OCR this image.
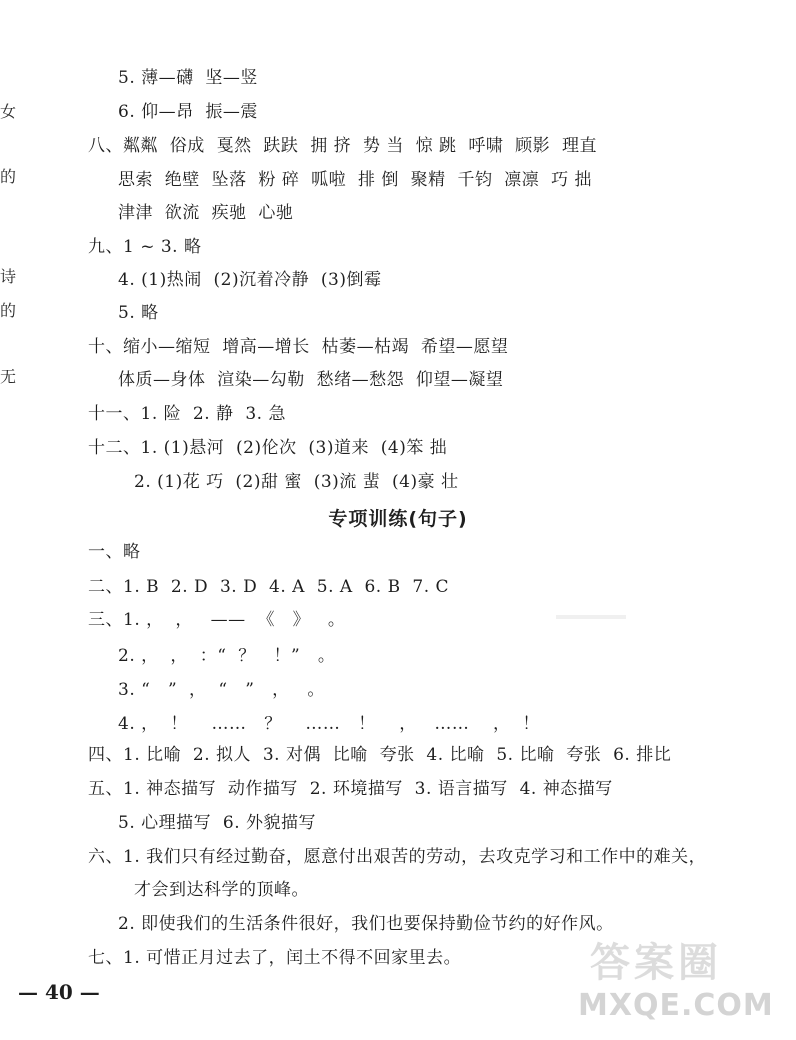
女
的
诗
的
无
5. 薄—礴  坚—竖
6. 仰—昂  振—震
八、粼粼  俗成  戛然  趺趺  拥 挤  势 当  惊 跳  呼啸  顾影  理直
思索  绝壁  坠落  粉 碎  呱啦  排 倒  聚精  千钧  凛凛  巧 拙
津津  欲流  疾驰  心驰
九、1 ~ 3. 略
4. (1)热闹  (2)沉着冷静  (3)倒霉
5. 略
十、缩小—缩短  增高—增长  枯萎—枯竭  希望—愿望
体质—身体  渲染—勾勒  愁绪—愁怨  仰望—凝望
十一、1. 险  2. 静  3. 急
十二、1. (1)悬河  (2)伦次  (3)道来  (4)笨 拙
2. (1)花 巧  (2)甜 蜜  (3)流 蜚  (4)豪 壮
专项训练(句子)
一、略
二、1. B  2. D  3. D  4. A  5. A  6. B  7. C
三、1. ，  ，   ——  《   》   。
2. ，  ，  ：“  ？   ！”   。
3. “   ”  ，  “   ”   ，   。
4. ，  ！    ……   ？    ……   ！    ，   ……    ，  ！
四、1. 比喻  2. 拟人  3. 对偶  比喻  夸张  4. 比喻  5. 比喻  夸张  6. 排比
五、1. 神态描写  动作描写  2. 环境描写  3. 语言描写  4. 神态描写
5. 心理描写  6. 外貌描写
六、1. 我们只有经过勤奋，愿意付出艰苦的劳动，去攻克学习和工作中的难关，
才会到达科学的顶峰。
2. 即使我们的生活条件很好，我们也要保持勤俭节约的好作风。
七、1. 可惜正月过去了，闰土不得不回家里去。
— 40 —
答案圈
MXQE.COM
